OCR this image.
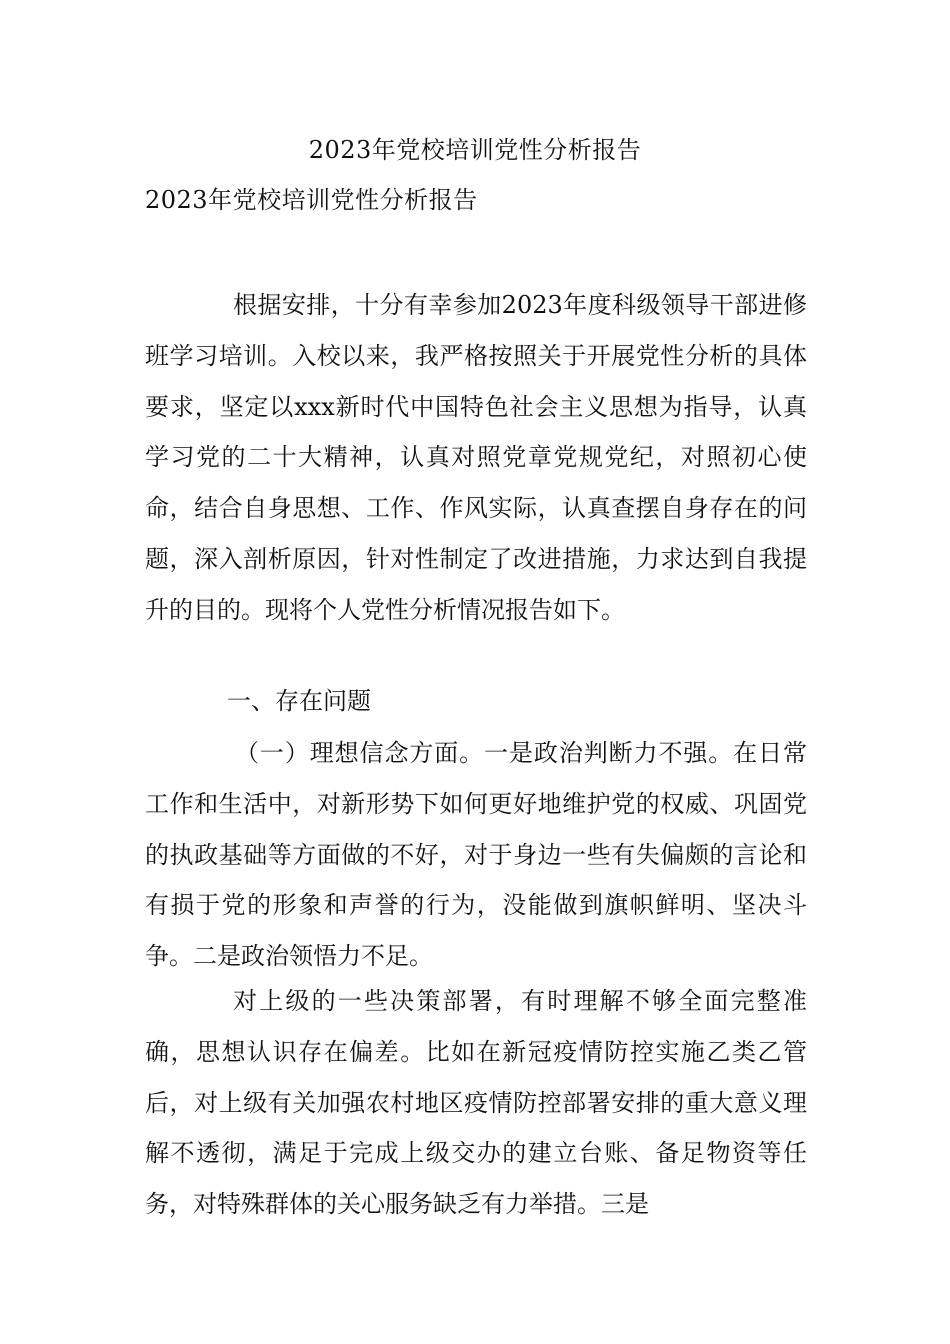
2023年党校培训党性分析报告
2023年党校培训党性分析报告

根据安排，十分有幸参加2023年度科级领导干部进修班学习培训。入校以来，我严格按照关于开展党性分析的具体要求，坚定以xxx新时代中国特色社会主义思想为指导，认真学习党的二十大精神，认真对照党章党规党纪，对照初心使命，结合自身思想、工作、作风实际，认真查摆自身存在的问题，深入剖析原因，针对性制定了改进措施，力求达到自我提升的目的。现将个人党性分析情况报告如下。

一、存在问题

（一）理想信念方面。一是政治判断力不强。在日常工作和生活中，对新形势下如何更好地维护党的权威、巩固党的执政基础等方面做的不好，对于身边一些有失偏颇的言论和有损于党的形象和声誉的行为，没能做到旗帜鲜明、坚决斗争。二是政治领悟力不足。

对上级的一些决策部署，有时理解不够全面完整准确，思想认识存在偏差。比如在新冠疫情防控实施乙类乙管后，对上级有关加强农村地区疫情防控部署安排的重大意义理解不透彻，满足于完成上级交办的建立台账、备足物资等任务，对特殊群体的关心服务缺乏有力举措。三是
